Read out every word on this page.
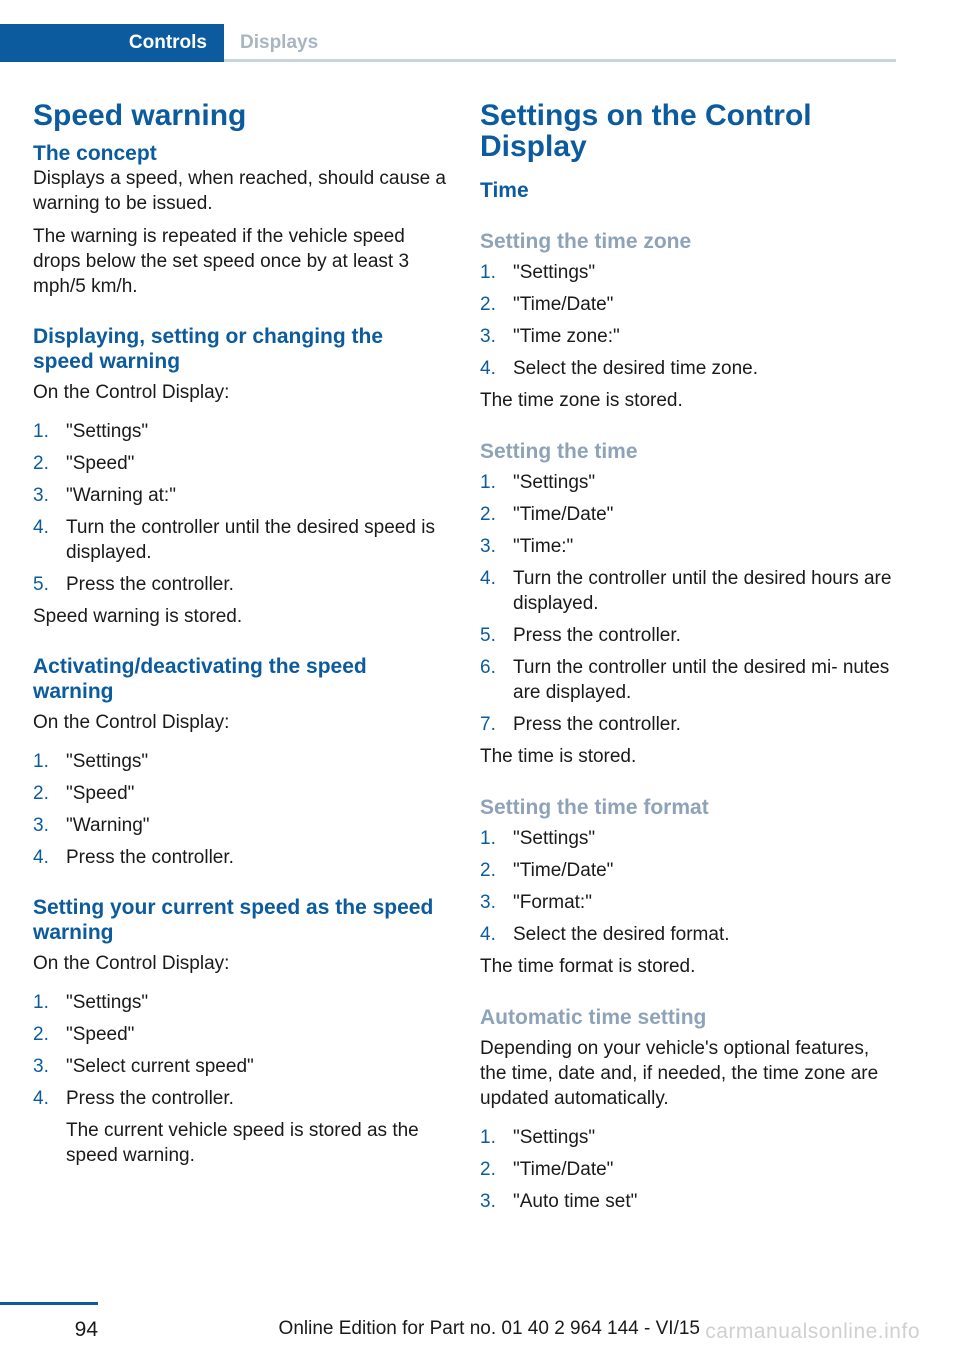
Controls Displays
Speed warning
The concept

Displays a speed, when reached, should cause a warning to be issued.

The warning is repeated if the vehicle speed drops below the set speed once by at least 3 mph/5 km/h.

Displaying, setting or changing the speed warning

On the Control Display:

1. "Settings"
2. "Speed"
3. "Warning at:"
4. Turn the controller until the desired speed is displayed.
5. Press the controller.

Speed warning is stored.

Activating/deactivating the speed warning

On the Control Display:

1. "Settings"
2. "Speed"
3. "Warning"
4. Press the controller.
Setting your current speed as the speed warning

On the Control Display:

1. "Settings"
2. "Speed"
3. "Select current speed"
4. Press the controller.
The current vehicle speed is stored as the speed warning.
Settings on the Control Display
Time
Setting the time zone
1. "Settings"
2. "Time/Date"
3. "Time zone:"
4. Select the desired time zone.

The time zone is stored.

Setting the time
1. "Settings"
2. "Time/Date"
3. "Time:"
4. Turn the controller until the desired hours are displayed.
5. Press the controller.
6. Turn the controller until the desired mi‐ nutes are displayed.
7. Press the controller.

The time is stored.

Setting the time format
1. "Settings"
2. "Time/Date"
3. "Format:"
4. Select the desired format.

The time format is stored.

Automatic time setting

Depending on your vehicle's optional features, the time, date and, if needed, the time zone are updated automatically.

1. "Settings"
2. "Time/Date"
3. "Auto time set"
94	Online Edition for Part no. 01 40 2 964 144 - VI/15 carmanualsonline.info
